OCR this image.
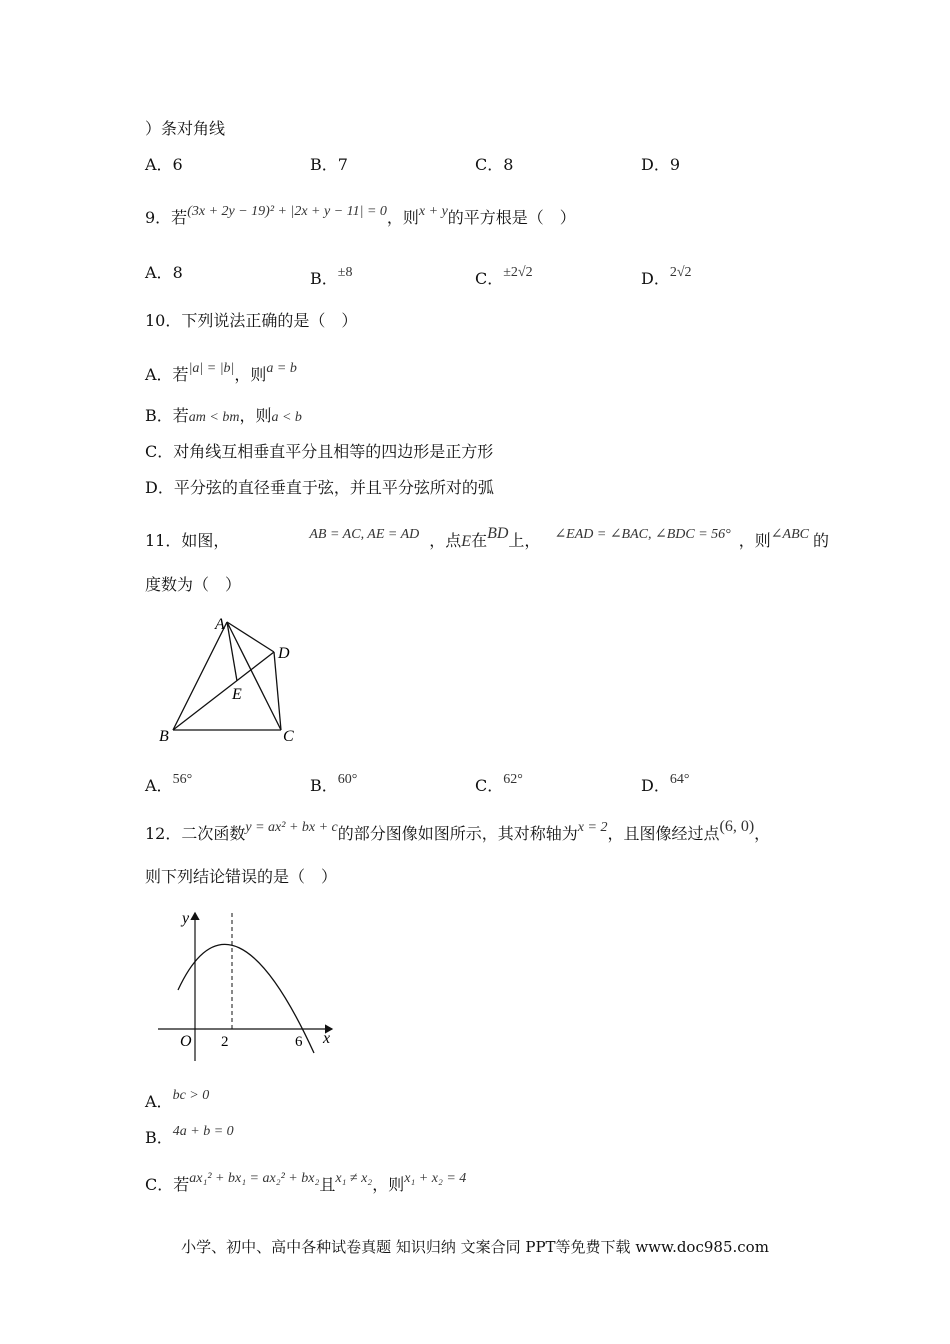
）条对角线
A．6	B．7	C．8	D．9
9．若(3x + 2y − 19)² + |2x + y − 11| = 0，则x + y的平方根是（　）
A．8	B．±8	C．±2√2	D．2√2
10．下列说法正确的是（　）
A．若|a| = |b|，则a = b
B．若am < bm，则a < b
C．对角线互相垂直平分且相等的四边形是正方形
D．平分弦的直径垂直于弦，并且平分弦所对的弧
11．如图，	AB = AC, AE = AD ，点E在BD上， ∠EAD = ∠BAC, ∠BDC = 56° ，则∠ABC 的
度数为（　）
A
D
E
B	C
A．56°	B．60°	C．62°	D．64°
12．二次函数y = ax² + bx + c的部分图像如图所示，其对称轴为x = 2，且图像经过点(6, 0)，
则下列结论错误的是（　）
y
x
O 2	6
A．bc > 0
B．4a + b = 0
C．若ax₁² + bx₁ = ax₂² + bx₂且x₁ ≠ x₂，则x₁ + x₂ = 4
小学、初中、高中各种试卷真题 知识归纳 文案合同 PPT等免费下载 www.doc985.com
